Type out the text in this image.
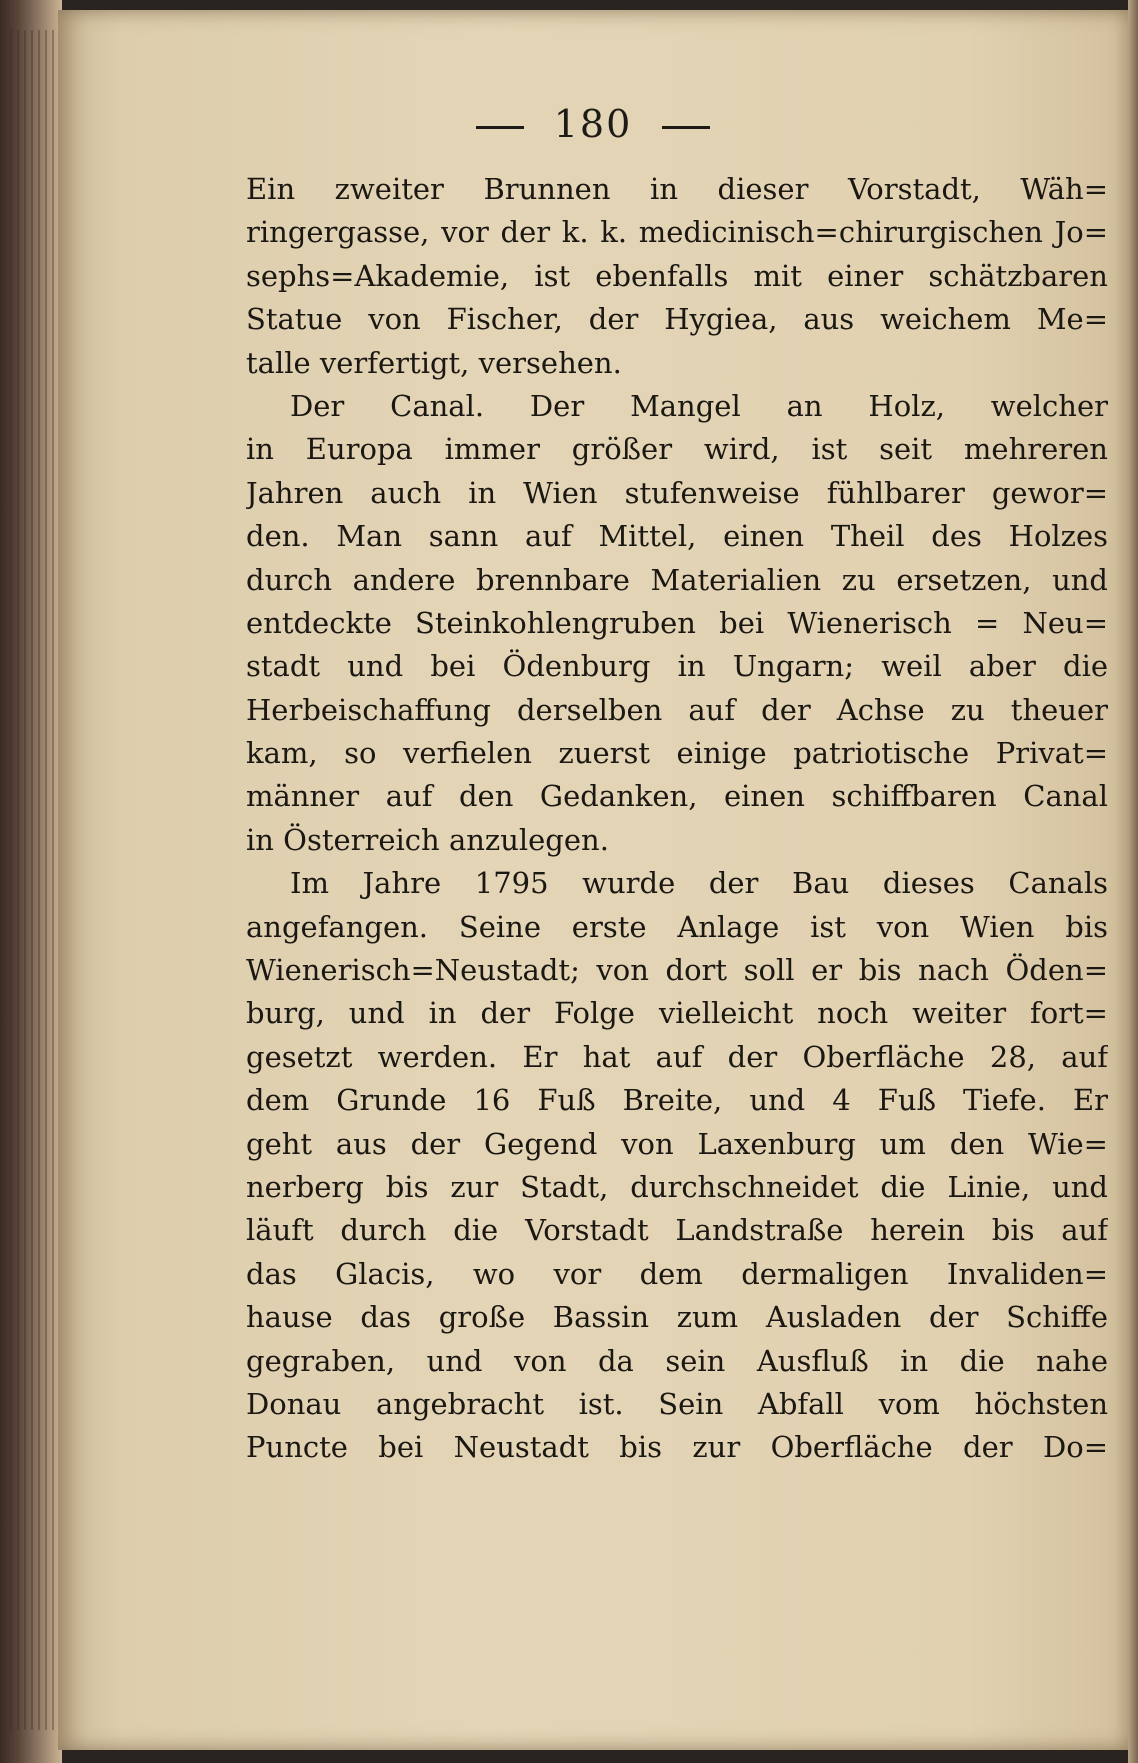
180
Ein zweiter Brunnen in dieser Vorstadt, Wäh=
ringergasse, vor der k. k. medicinisch=chirurgischen Jo=
sephs=Akademie, ist ebenfalls mit einer schätzbaren
Statue von Fischer, der Hygiea, aus weichem Me=
talle verfertigt, versehen.
Der Canal. Der Mangel an Holz, welcher
in Europa immer größer wird, ist seit mehreren
Jahren auch in Wien stufenweise fühlbarer gewor=
den. Man sann auf Mittel, einen Theil des Holzes
durch andere brennbare Materialien zu ersetzen, und
entdeckte Steinkohlengruben bei Wienerisch = Neu=
stadt und bei Ödenburg in Ungarn; weil aber die
Herbeischaffung derselben auf der Achse zu theuer
kam, so verfielen zuerst einige patriotische Privat=
männer auf den Gedanken, einen schiffbaren Canal
in Österreich anzulegen.
Im Jahre 1795 wurde der Bau dieses Canals
angefangen. Seine erste Anlage ist von Wien bis
Wienerisch=Neustadt; von dort soll er bis nach Öden=
burg, und in der Folge vielleicht noch weiter fort=
gesetzt werden. Er hat auf der Oberfläche 28, auf
dem Grunde 16 Fuß Breite, und 4 Fuß Tiefe. Er
geht aus der Gegend von Laxenburg um den Wie=
nerberg bis zur Stadt, durchschneidet die Linie, und
läuft durch die Vorstadt Landstraße herein bis auf
das Glacis, wo vor dem dermaligen Invaliden=
hause das große Bassin zum Ausladen der Schiffe
gegraben, und von da sein Ausfluß in die nahe
Donau angebracht ist. Sein Abfall vom höchsten
Puncte bei Neustadt bis zur Oberfläche der Do=
